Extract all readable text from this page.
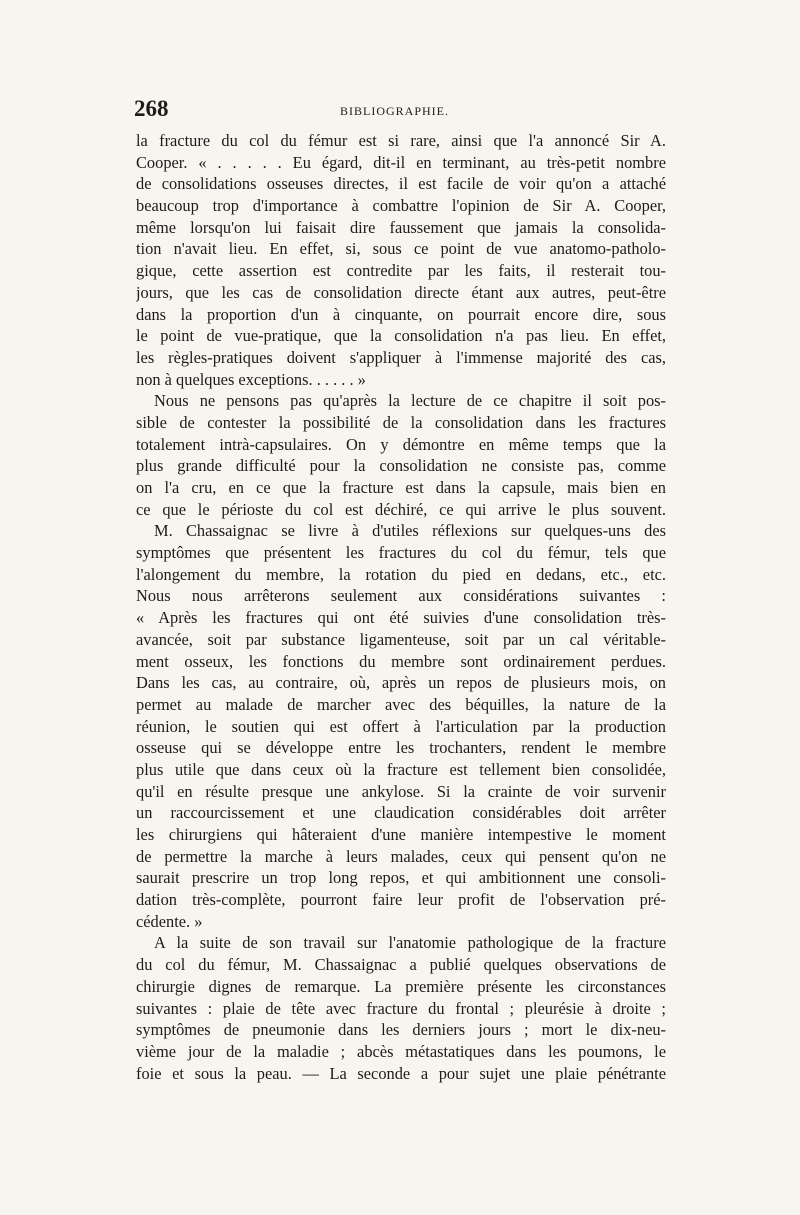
268	BIBLIOGRAPHIE.
la fracture du col du fémur est si rare, ainsi que l'a annoncé Sir A.
Cooper. « . . . . . Eu égard, dit-il en terminant, au très-petit nombre
de consolidations osseuses directes, il est facile de voir qu'on a attaché
beaucoup trop d'importance à combattre l'opinion de Sir A. Cooper,
même lorsqu'on lui faisait dire faussement que jamais la consolida-
tion n'avait lieu. En effet, si, sous ce point de vue anatomo-patholo-
gique, cette assertion est contredite par les faits, il resterait tou-
jours, que les cas de consolidation directe étant aux autres, peut-être
dans la proportion d'un à cinquante, on pourrait encore dire, sous
le point de vue-pratique, que la consolidation n'a pas lieu. En effet,
les règles-pratiques doivent s'appliquer à l'immense majorité des cas,
non à quelques exceptions. . . . . . »
Nous ne pensons pas qu'après la lecture de ce chapitre il soit pos-
sible de contester la possibilité de la consolidation dans les fractures
totalement intrà-capsulaires. On y démontre en même temps que la
plus grande difficulté pour la consolidation ne consiste pas, comme
on l'a cru, en ce que la fracture est dans la capsule, mais bien en
ce que le périoste du col est déchiré, ce qui arrive le plus souvent.
M. Chassaignac se livre à d'utiles réflexions sur quelques-uns des
symptômes que présentent les fractures du col du fémur, tels que
l'alongement du membre, la rotation du pied en dedans, etc., etc.
Nous nous arrêterons seulement aux considérations suivantes :
« Après les fractures qui ont été suivies d'une consolidation très-
avancée, soit par substance ligamenteuse, soit par un cal véritable-
ment osseux, les fonctions du membre sont ordinairement perdues.
Dans les cas, au contraire, où, après un repos de plusieurs mois, on
permet au malade de marcher avec des béquilles, la nature de la
réunion, le soutien qui est offert à l'articulation par la production
osseuse qui se développe entre les trochanters, rendent le membre
plus utile que dans ceux où la fracture est tellement bien consolidée,
qu'il en résulte presque une ankylose. Si la crainte de voir survenir
un raccourcissement et une claudication considérables doit arrêter
les chirurgiens qui hâteraient d'une manière intempestive le moment
de permettre la marche à leurs malades, ceux qui pensent qu'on ne
saurait prescrire un trop long repos, et qui ambitionnent une consoli-
dation très-complète, pourront faire leur profit de l'observation pré-
cédente. »
A la suite de son travail sur l'anatomie pathologique de la fracture
du col du fémur, M. Chassaignac a publié quelques observations de
chirurgie dignes de remarque. La première présente les circonstances
suivantes : plaie de tête avec fracture du frontal ; pleurésie à droite ;
symptômes de pneumonie dans les derniers jours ; mort le dix-neu-
vième jour de la maladie ; abcès métastatiques dans les poumons, le
foie et sous la peau. — La seconde a pour sujet une plaie pénétrante
